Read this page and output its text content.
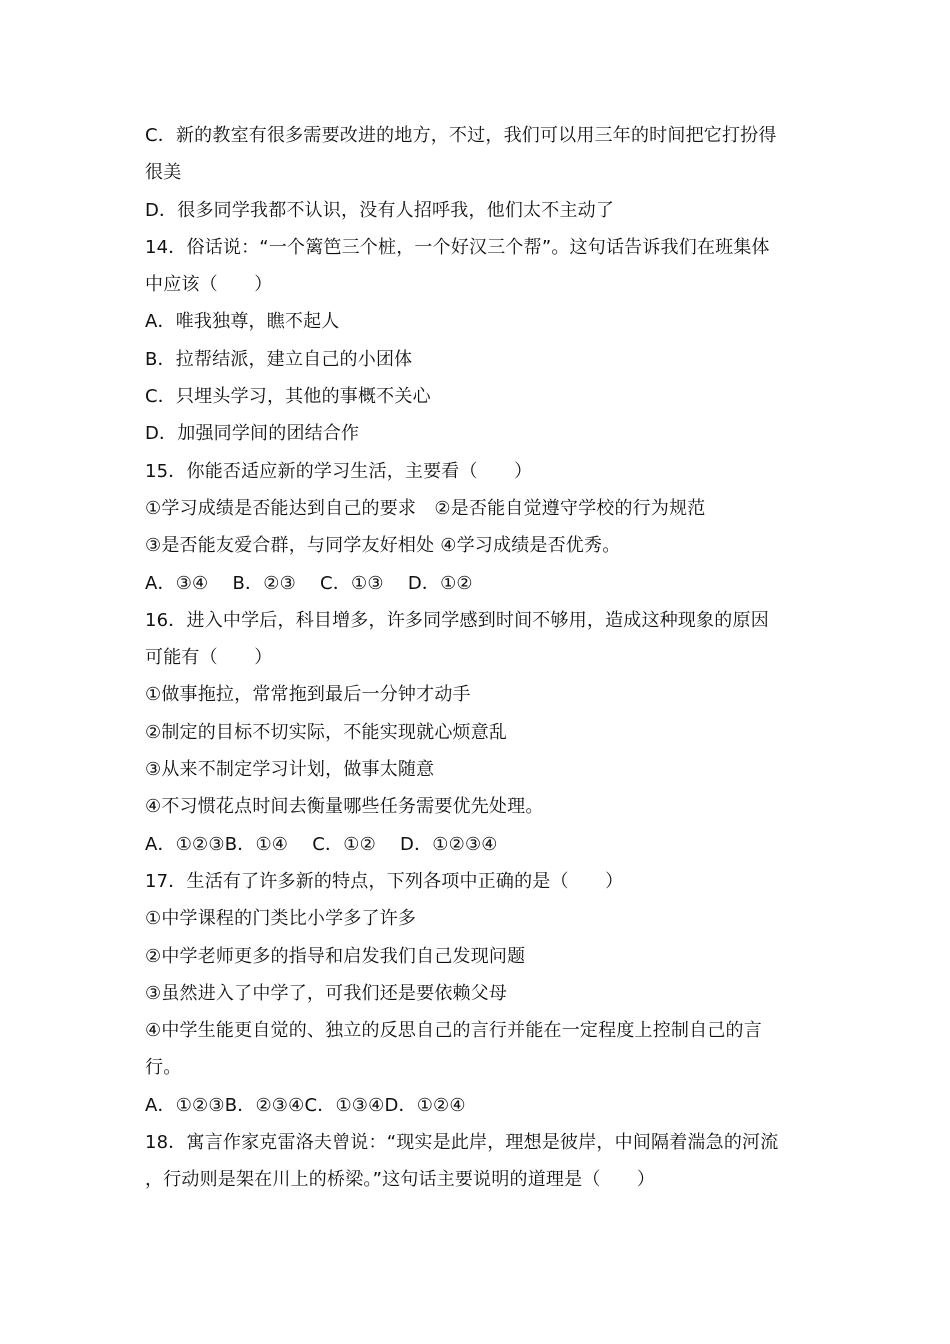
C．新的教室有很多需要改进的地方，不过，我们可以用三年的时间把它打扮得
很美
D．很多同学我都不认识，没有人招呼我，他们太不主动了
14．俗话说：“一个篱笆三个桩，一个好汉三个帮”。这句话告诉我们在班集体
中应该（　　）
A．唯我独尊，瞧不起人
B．拉帮结派，建立自己的小团体
C．只埋头学习，其他的事概不关心
D．加强同学间的团结合作
15．你能否适应新的学习生活，主要看（　　）
①学习成绩是否能达到自己的要求　②是否能自觉遵守学校的行为规范
③是否能友爱合群，与同学友好相处 ④学习成绩是否优秀。
A．③④　 B．②③　 C．①③　 D．①②
16．进入中学后，科目增多，许多同学感到时间不够用，造成这种现象的原因
可能有（　　）
①做事拖拉，常常拖到最后一分钟才动手
②制定的目标不切实际，不能实现就心烦意乱
③从来不制定学习计划，做事太随意
④不习惯花点时间去衡量哪些任务需要优先处理。
A．①②③B．①④　 C．①②　 D．①②③④
17．生活有了许多新的特点，下列各项中正确的是（　　）
①中学课程的门类比小学多了许多
②中学老师更多的指导和启发我们自己发现问题
③虽然进入了中学了，可我们还是要依赖父母
④中学生能更自觉的、独立的反思自己的言行并能在一定程度上控制自己的言
行。
A．①②③B．②③④C．①③④D．①②④
18．寓言作家克雷洛夫曾说：“现实是此岸，理想是彼岸，中间隔着湍急的河流
，行动则是架在川上的桥梁。”这句话主要说明的道理是（　　）
